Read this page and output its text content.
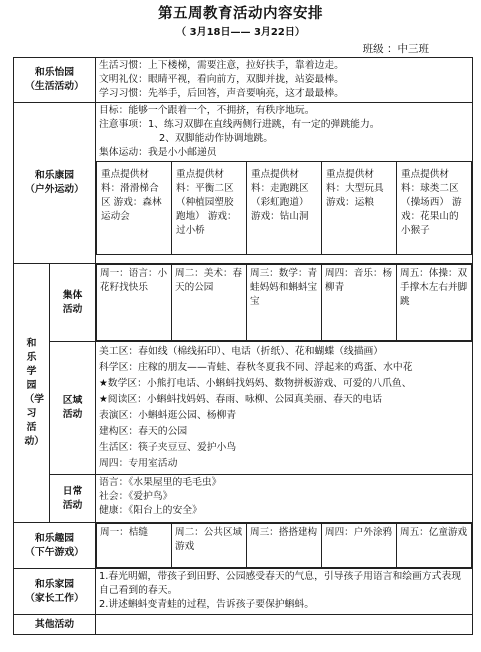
第五周教育活动内容安排
（ 3月18日—— 3月22日）
班级 ：中三班
和乐怡园
（生活活动）

生活习惯：上下楼梯，需要注意，拉好扶手，靠着边走。
文明礼仪：眼睛平视，看向前方，双脚并拢，站姿最棒。
学习习惯：先举手，后回答，声音要响亮，这才最最棒。

和乐康园
（户外运动）

目标：能够一个跟着一个，不拥挤，有秩序地玩。
注意事项：1、练习双脚在直线两侧行进跳，有一定的弹跳能力。
2、双脚能动作协调地跳。
集体运动：我是小小邮递员
重点提供材料：滑滑梯合区 游戏：森林运动会	重点提供材料：平衡二区（种植园塑胶跑地） 游戏：过小桥	重点提供材料：走跑跳区（彩虹跑道） 游戏：钻山洞	重点提供材料：大型玩具 游戏：运粮	重点提供材料：球类二区（操场西） 游戏：花果山的小猴子

和乐学园（学习活动）

集体活动

周一：语言：小花籽找快乐	周二：美术：春天的公园	周三：数学：青蛙妈妈和蝌蚪宝宝	周四：音乐：杨柳青	周五：体操：双手撑木左右并脚跳

区域活动

美工区：春如线（棉线拓印）、电话（折纸）、花和蝴蝶（线描画）
科学区：庄稼的朋友——青蛙、春秋冬夏我不同、浮起来的鸡蛋、水中花
★数学区：小熊打电话、小蝌蚪找妈妈、数物拼板游戏、可爱的八爪鱼、
★阅读区：小蝌蚪找妈妈、春雨、咏柳、公园真美丽、春天的电话
表演区：小蝌蚪逛公园、杨柳青
建构区：春天的公园
生活区：筷子夹豆豆、爱护小鸟
周四：专用室活动

日常活动

语言：《水果屋里的毛毛虫》
社会：《爱护鸟》
健康：《阳台上的安全》

和乐趣园
（下午游戏）

周一：桔缝	周二：公共区域游戏	周三：搭搭建构	周四：户外涂鸦	周五：亿童游戏

和乐家园
（家长工作）

1.春光明媚，带孩子到田野、公园感受春天的气息，引导孩子用语言和绘画方式表现自己看到的春天。
2.讲述蝌蚪变青蛙的过程，告诉孩子要保护蝌蚪。

其他活动	
